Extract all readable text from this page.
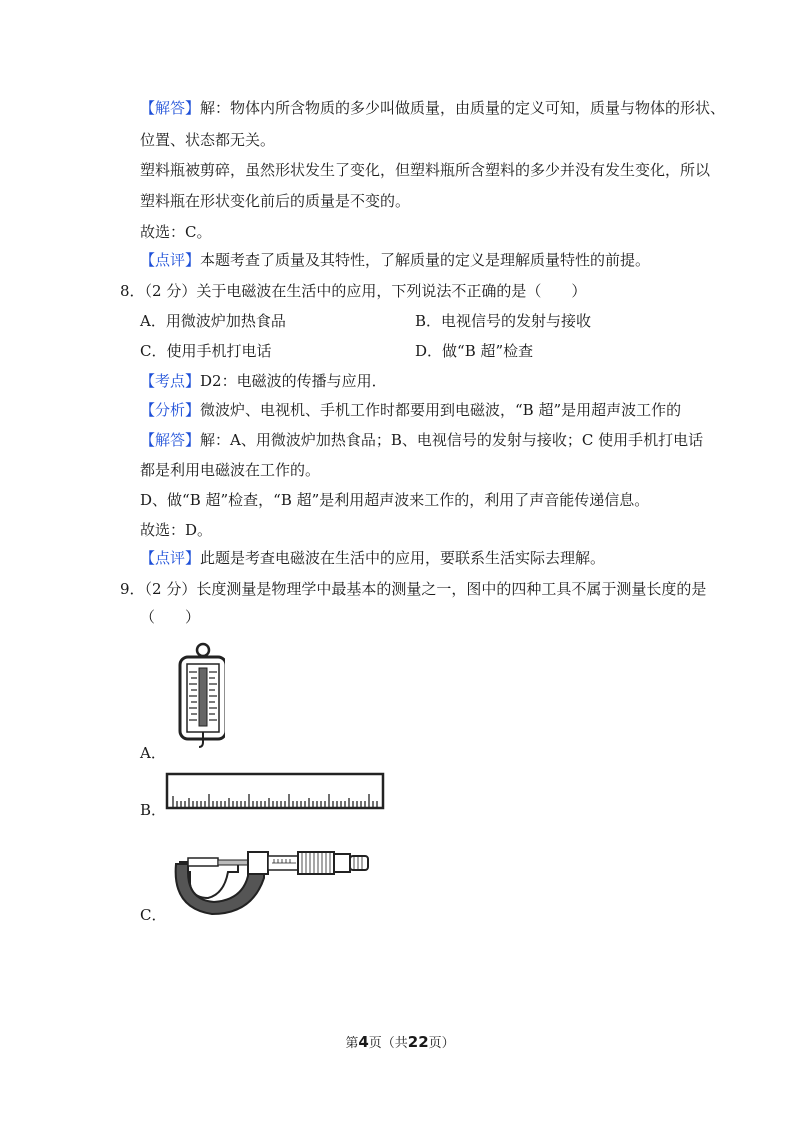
【解答】解：物体内所含物质的多少叫做质量，由质量的定义可知，质量与物体的形状、
位置、状态都无关。
塑料瓶被剪碎，虽然形状发生了变化，但塑料瓶所含塑料的多少并没有发生变化，所以
塑料瓶在形状变化前后的质量是不变的。
故选：C。
【点评】本题考查了质量及其特性，了解质量的定义是理解质量特性的前提。
8．（2 分）关于电磁波在生活中的应用，下列说法不正确的是（　　）
A．用微波炉加热食品	B．电视信号的发射与接收
C．使用手机打电话	D．做“B 超”检查
【考点】D2：电磁波的传播与应用．
【分析】微波炉、电视机、手机工作时都要用到电磁波，“B 超”是用超声波工作的
【解答】解：A、用微波炉加热食品；B、电视信号的发射与接收；C 使用手机打电话
都是利用电磁波在工作的。
D、做“B 超”检查，“B 超”是利用超声波来工作的，利用了声音能传递信息。
故选：D。
【点评】此题是考查电磁波在生活中的应用，要联系生活实际去理解。
9．（2 分）长度测量是物理学中最基本的测量之一，图中的四种工具不属于测量长度的是
（　　）
A．
B．
C．
第4页（共22页）
